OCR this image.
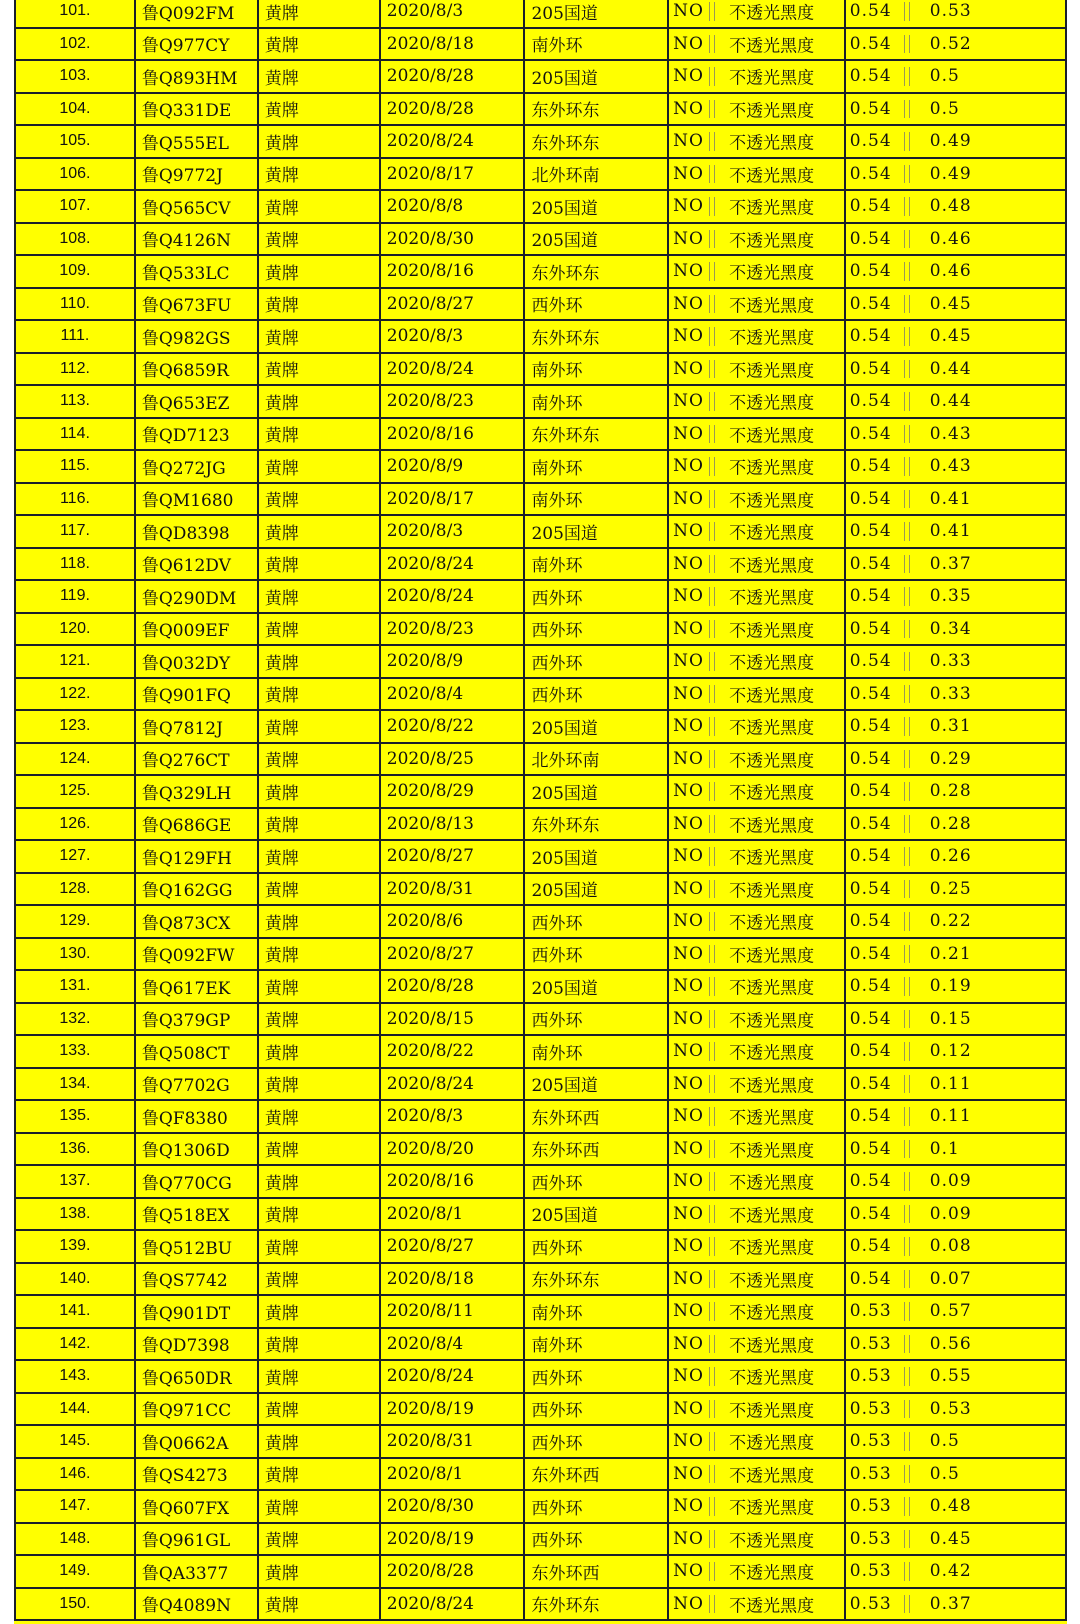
101.	鲁Q092FM	黄牌	2020/8/3	205国道	NO 不透光黑度	0.54 0.53

102.	鲁Q977CY	黄牌	2020/8/18	南外环	NO 不透光黑度	0.54 0.52

103.	鲁Q893HM	黄牌	2020/8/28	205国道	NO 不透光黑度	0.54 0.5

104.	鲁Q331DE	黄牌	2020/8/28	东外环东	NO 不透光黑度	0.54 0.5

105.	鲁Q555EL	黄牌	2020/8/24	东外环东	NO 不透光黑度	0.54 0.49

106.	鲁Q9772J	黄牌	2020/8/17	北外环南	NO 不透光黑度	0.54 0.49

107.	鲁Q565CV	黄牌	2020/8/8	205国道	NO 不透光黑度	0.54 0.48

108.	鲁Q4126N	黄牌	2020/8/30	205国道	NO 不透光黑度	0.54 0.46

109.	鲁Q533LC	黄牌	2020/8/16	东外环东	NO 不透光黑度	0.54 0.46

110.	鲁Q673FU	黄牌	2020/8/27	西外环	NO 不透光黑度	0.54 0.45

111.	鲁Q982GS	黄牌	2020/8/3	东外环东	NO 不透光黑度	0.54 0.45

112.	鲁Q6859R	黄牌	2020/8/24	南外环	NO 不透光黑度	0.54 0.44

113.	鲁Q653EZ	黄牌	2020/8/23	南外环	NO 不透光黑度	0.54 0.44

114.	鲁QD7123	黄牌	2020/8/16	东外环东	NO 不透光黑度	0.54 0.43

115.	鲁Q272JG	黄牌	2020/8/9	南外环	NO 不透光黑度	0.54 0.43

116.	鲁QM1680	黄牌	2020/8/17	南外环	NO 不透光黑度	0.54 0.41

117.	鲁QD8398	黄牌	2020/8/3	205国道	NO 不透光黑度	0.54 0.41

118.	鲁Q612DV	黄牌	2020/8/24	南外环	NO 不透光黑度	0.54 0.37

119.	鲁Q290DM	黄牌	2020/8/24	西外环	NO 不透光黑度	0.54 0.35

120.	鲁Q009EF	黄牌	2020/8/23	西外环	NO 不透光黑度	0.54 0.34

121.	鲁Q032DY	黄牌	2020/8/9	西外环	NO 不透光黑度	0.54 0.33

122.	鲁Q901FQ	黄牌	2020/8/4	西外环	NO 不透光黑度	0.54 0.33

123.	鲁Q7812J	黄牌	2020/8/22	205国道	NO 不透光黑度	0.54 0.31

124.	鲁Q276CT	黄牌	2020/8/25	北外环南	NO 不透光黑度	0.54 0.29

125.	鲁Q329LH	黄牌	2020/8/29	205国道	NO 不透光黑度	0.54 0.28

126.	鲁Q686GE	黄牌	2020/8/13	东外环东	NO 不透光黑度	0.54 0.28

127.	鲁Q129FH	黄牌	2020/8/27	205国道	NO 不透光黑度	0.54 0.26

128.	鲁Q162GG	黄牌	2020/8/31	205国道	NO 不透光黑度	0.54 0.25

129.	鲁Q873CX	黄牌	2020/8/6	西外环	NO 不透光黑度	0.54 0.22

130.	鲁Q092FW	黄牌	2020/8/27	西外环	NO 不透光黑度	0.54 0.21

131.	鲁Q617EK	黄牌	2020/8/28	205国道	NO 不透光黑度	0.54 0.19

132.	鲁Q379GP	黄牌	2020/8/15	西外环	NO 不透光黑度	0.54 0.15

133.	鲁Q508CT	黄牌	2020/8/22	南外环	NO 不透光黑度	0.54 0.12

134.	鲁Q7702G	黄牌	2020/8/24	205国道	NO 不透光黑度	0.54 0.11

135.	鲁QF8380	黄牌	2020/8/3	东外环西	NO 不透光黑度	0.54 0.11

136.	鲁Q1306D	黄牌	2020/8/20	东外环西	NO 不透光黑度	0.54 0.1

137.	鲁Q770CG	黄牌	2020/8/16	西外环	NO 不透光黑度	0.54 0.09

138.	鲁Q518EX	黄牌	2020/8/1	205国道	NO 不透光黑度	0.54 0.09

139.	鲁Q512BU	黄牌	2020/8/27	西外环	NO 不透光黑度	0.54 0.08

140.	鲁QS7742	黄牌	2020/8/18	东外环东	NO 不透光黑度	0.54 0.07

141.	鲁Q901DT	黄牌	2020/8/11	南外环	NO 不透光黑度	0.53 0.57

142.	鲁QD7398	黄牌	2020/8/4	南外环	NO 不透光黑度	0.53 0.56

143.	鲁Q650DR	黄牌	2020/8/24	西外环	NO 不透光黑度	0.53 0.55

144.	鲁Q971CC	黄牌	2020/8/19	西外环	NO 不透光黑度	0.53 0.53

145.	鲁Q0662A	黄牌	2020/8/31	西外环	NO 不透光黑度	0.53 0.5

146.	鲁QS4273	黄牌	2020/8/1	东外环西	NO 不透光黑度	0.53 0.5

147.	鲁Q607FX	黄牌	2020/8/30	西外环	NO 不透光黑度	0.53 0.48

148.	鲁Q961GL	黄牌	2020/8/19	西外环	NO 不透光黑度	0.53 0.45

149.	鲁QA3377	黄牌	2020/8/28	东外环西	NO 不透光黑度	0.53 0.42

150.	鲁Q4089N	黄牌	2020/8/24	东外环东	NO 不透光黑度	0.53 0.37
